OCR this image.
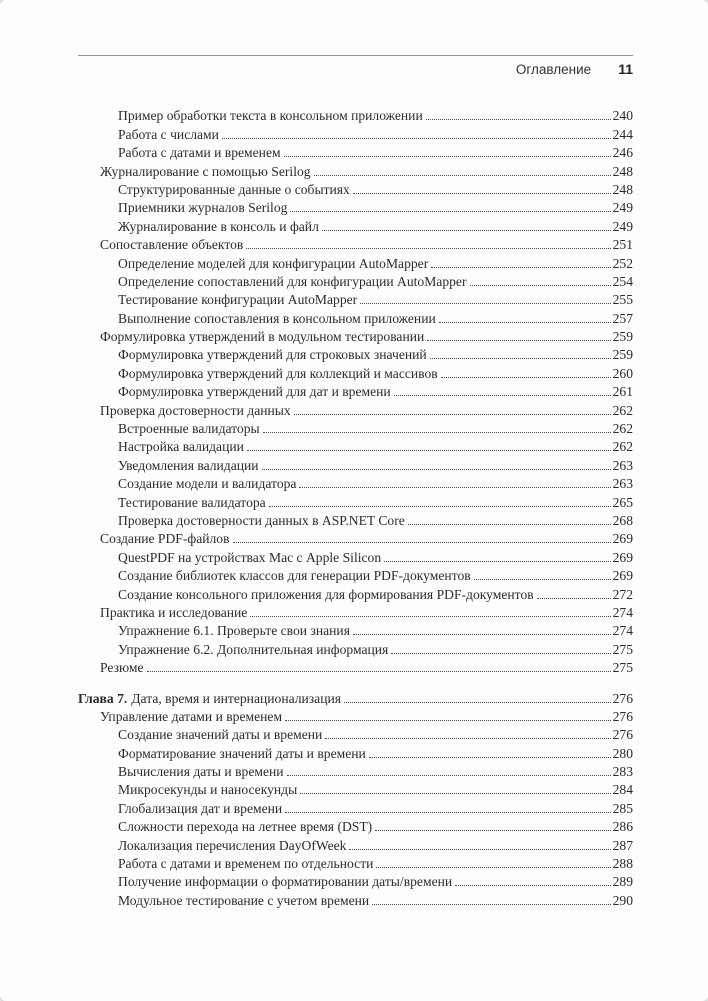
Оглавление 11
Пример обработки текста в консольном приложении	240
Работа с числами	244
Работа с датами и временем	246
Журналирование с помощью Serilog	248
Структурированные данные о событиях	248
Приемники журналов Serilog	249
Журналирование в консоль и файл	249
Сопоставление объектов	251
Определение моделей для конфигурации AutoMapper	252
Определение сопоставлений для конфигурации AutoMapper	254
Тестирование конфигурации AutoMapper	255
Выполнение сопоставления в консольном приложении	257
Формулировка утверждений в модульном тестировании	259
Формулировка утверждений для строковых значений	259
Формулировка утверждений для коллекций и массивов	260
Формулировка утверждений для дат и времени	261
Проверка достоверности данных	262
Встроенные валидаторы	262
Настройка валидации	262
Уведомления валидации	263
Создание модели и валидатора	263
Тестирование валидатора	265
Проверка достоверности данных в ASP.NET Core	268
Создание PDF-файлов	269
QuestPDF на устройствах Mac с Apple Silicon	269
Создание библиотек классов для генерации PDF-документов	269
Создание консольного приложения для формирования PDF-документов	272
Практика и исследование	274
Упражнение 6.1. Проверьте свои знания	274
Упражнение 6.2. Дополнительная информация	275
Резюме	275
Глава 7. Дата, время и интернационализация	276
Управление датами и временем	276
Создание значений даты и времени	276
Форматирование значений даты и времени	280
Вычисления даты и времени	283
Микросекунды и наносекунды	284
Глобализация дат и времени	285
Сложности перехода на летнее время (DST)	286
Локализация перечисления DayOfWeek	287
Работа с датами и временем по отдельности	288
Получение информации о форматировании даты/времени	289
Модульное тестирование с учетом времени	290
